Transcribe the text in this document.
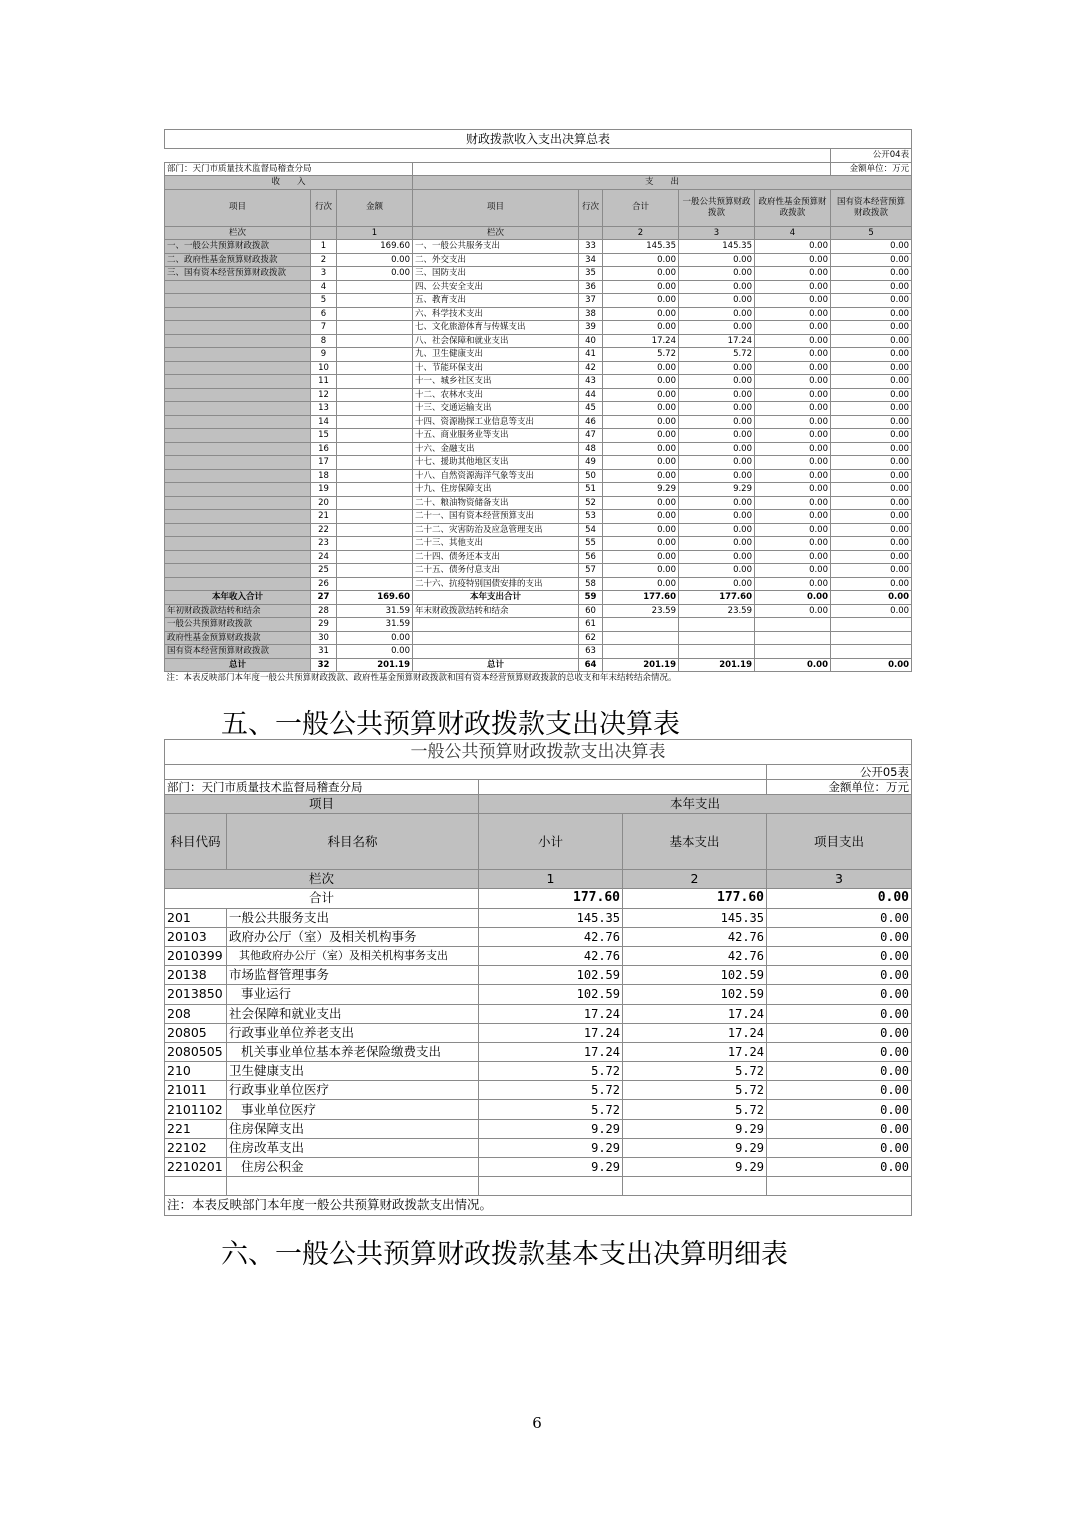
财政拨款收入支出决算总表								
								公开04表
部门：天门市质量技术监督局稽查分局								金额单位：万元
收　　入			支　　出					
项目	行次	金额	项目	行次	合计	一般公共预算财政拨款	政府性基金预算财政拨款	国有资本经营预算财政拨款
栏次		1	栏次		2	3	4	5
一、一般公共预算财政拨款	1	169.60	一、一般公共服务支出	33	145.35	145.35	0.00	0.00
二、政府性基金预算财政拨款	2	0.00	二、外交支出	34	0.00	0.00	0.00	0.00
三、国有资本经营预算财政拨款	3	0.00	三、国防支出	35	0.00	0.00	0.00	0.00
	4		四、公共安全支出	36	0.00	0.00	0.00	0.00
	5		五、教育支出	37	0.00	0.00	0.00	0.00
	6		六、科学技术支出	38	0.00	0.00	0.00	0.00
	7		七、文化旅游体育与传媒支出	39	0.00	0.00	0.00	0.00
	8		八、社会保障和就业支出	40	17.24	17.24	0.00	0.00
	9		九、卫生健康支出	41	5.72	5.72	0.00	0.00
	10		十、节能环保支出	42	0.00	0.00	0.00	0.00
	11		十一、城乡社区支出	43	0.00	0.00	0.00	0.00
	12		十二、农林水支出	44	0.00	0.00	0.00	0.00
	13		十三、交通运输支出	45	0.00	0.00	0.00	0.00
	14		十四、资源勘探工业信息等支出	46	0.00	0.00	0.00	0.00
	15		十五、商业服务业等支出	47	0.00	0.00	0.00	0.00
	16		十六、金融支出	48	0.00	0.00	0.00	0.00
	17		十七、援助其他地区支出	49	0.00	0.00	0.00	0.00
	18		十八、自然资源海洋气象等支出	50	0.00	0.00	0.00	0.00
	19		十九、住房保障支出	51	9.29	9.29	0.00	0.00
	20		二十、粮油物资储备支出	52	0.00	0.00	0.00	0.00
	21		二十一、国有资本经营预算支出	53	0.00	0.00	0.00	0.00
	22		二十二、灾害防治及应急管理支出	54	0.00	0.00	0.00	0.00
	23		二十三、其他支出	55	0.00	0.00	0.00	0.00
	24		二十四、债务还本支出	56	0.00	0.00	0.00	0.00
	25		二十五、债务付息支出	57	0.00	0.00	0.00	0.00
	26		二十六、抗疫特别国债安排的支出	58	0.00	0.00	0.00	0.00
本年收入合计	27	169.60	本年支出合计	59	177.60	177.60	0.00	0.00
年初财政拨款结转和结余	28	31.59	年末财政拨款结转和结余	60	23.59	23.59	0.00	0.00
一般公共预算财政拨款	29	31.59		61				
政府性基金预算财政拨款	30	0.00		62				
国有资本经营预算财政拨款	31	0.00		63				
总计	32	201.19	总计	64	201.19	201.19	0.00	0.00
注：本表反映部门本年度一般公共预算财政拨款、政府性基金预算财政拨款和国有资本经营预算财政拨款的总收支和年末结转结余情况。								
五、一般公共预算财政拨款支出决算表
一般公共预算财政拨款支出决算表				
				公开05表
部门：天门市质量技术监督局稽查分局				金额单位：万元
项目		本年支出		
科目代码	科目名称	小计	基本支出	项目支出
栏次		1	2	3
合计		177.60	177.60	0.00
201	一般公共服务支出	145.35	145.35	0.00
20103	政府办公厅（室）及相关机构事务	42.76	42.76	0.00
2010399	其他政府办公厅（室）及相关机构事务支出	42.76	42.76	0.00
20138	市场监督管理事务	102.59	102.59	0.00
2013850	事业运行	102.59	102.59	0.00
208	社会保障和就业支出	17.24	17.24	0.00
20805	行政事业单位养老支出	17.24	17.24	0.00
2080505	机关事业单位基本养老保险缴费支出	17.24	17.24	0.00
210	卫生健康支出	5.72	5.72	0.00
21011	行政事业单位医疗	5.72	5.72	0.00
2101102	事业单位医疗	5.72	5.72	0.00
221	住房保障支出	9.29	9.29	0.00
22102	住房改革支出	9.29	9.29	0.00
2210201	住房公积金	9.29	9.29	0.00

注：本表反映部门本年度一般公共预算财政拨款支出情况。				
六、一般公共预算财政拨款基本支出决算明细表
6
